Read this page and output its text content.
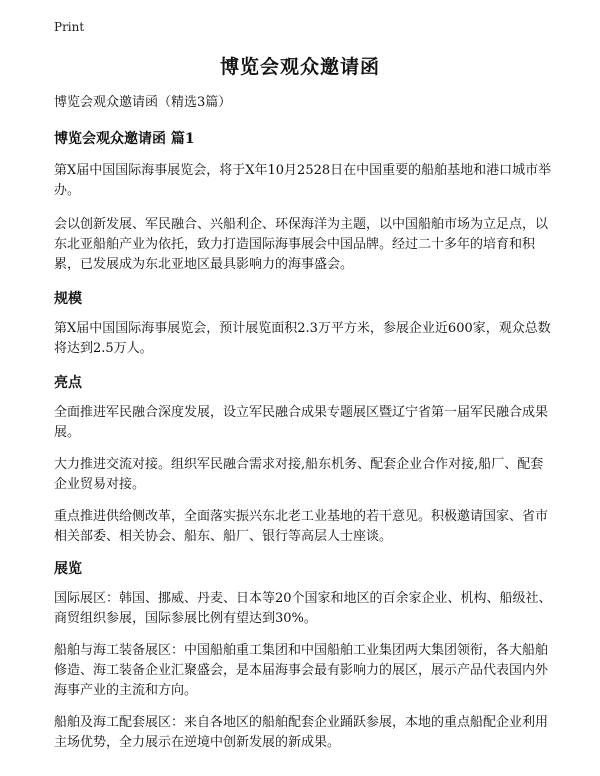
Print
博览会观众邀请函
博览会观众邀请函（精选3篇）
博览会观众邀请函 篇1

第X届中国国际海事展览会，将于X年10月2528日在中国重要的船舶基地和港口城市举办。

会以创新发展、军民融合、兴船利企、环保海洋为主题，以中国船舶市场为立足点，以东北亚船舶产业为依托，致力打造国际海事展会中国品牌。经过二十多年的培育和积累，已发展成为东北亚地区最具影响力的海事盛会。

规模

第X届中国国际海事展览会，预计展览面积2.3万平方米，参展企业近600家，观众总数将达到2.5万人。

亮点

全面推进军民融合深度发展，设立军民融合成果专题展区暨辽宁省第一届军民融合成果展。

大力推进交流对接。组织军民融合需求对接,船东机务、配套企业合作对接,船厂、配套企业贸易对接。

重点推进供给侧改革，全面落实振兴东北老工业基地的若干意见。积极邀请国家、省市相关部委、相关协会、船东、船厂、银行等高层人士座谈。

展览

国际展区：韩国、挪威、丹麦、日本等20个国家和地区的百余家企业、机构、船级社、商贸组织参展，国际参展比例有望达到30%。

船舶与海工装备展区：中国船舶重工集团和中国船舶工业集团两大集团领衔，各大船舶修造、海工装备企业汇聚盛会，是本届海事会最有影响力的展区，展示产品代表国内外海事产业的主流和方向。

船舶及海工配套展区：来自各地区的船舶配套企业踊跃参展，本地的重点船配企业利用主场优势，全力展示在逆境中创新发展的新成果。
